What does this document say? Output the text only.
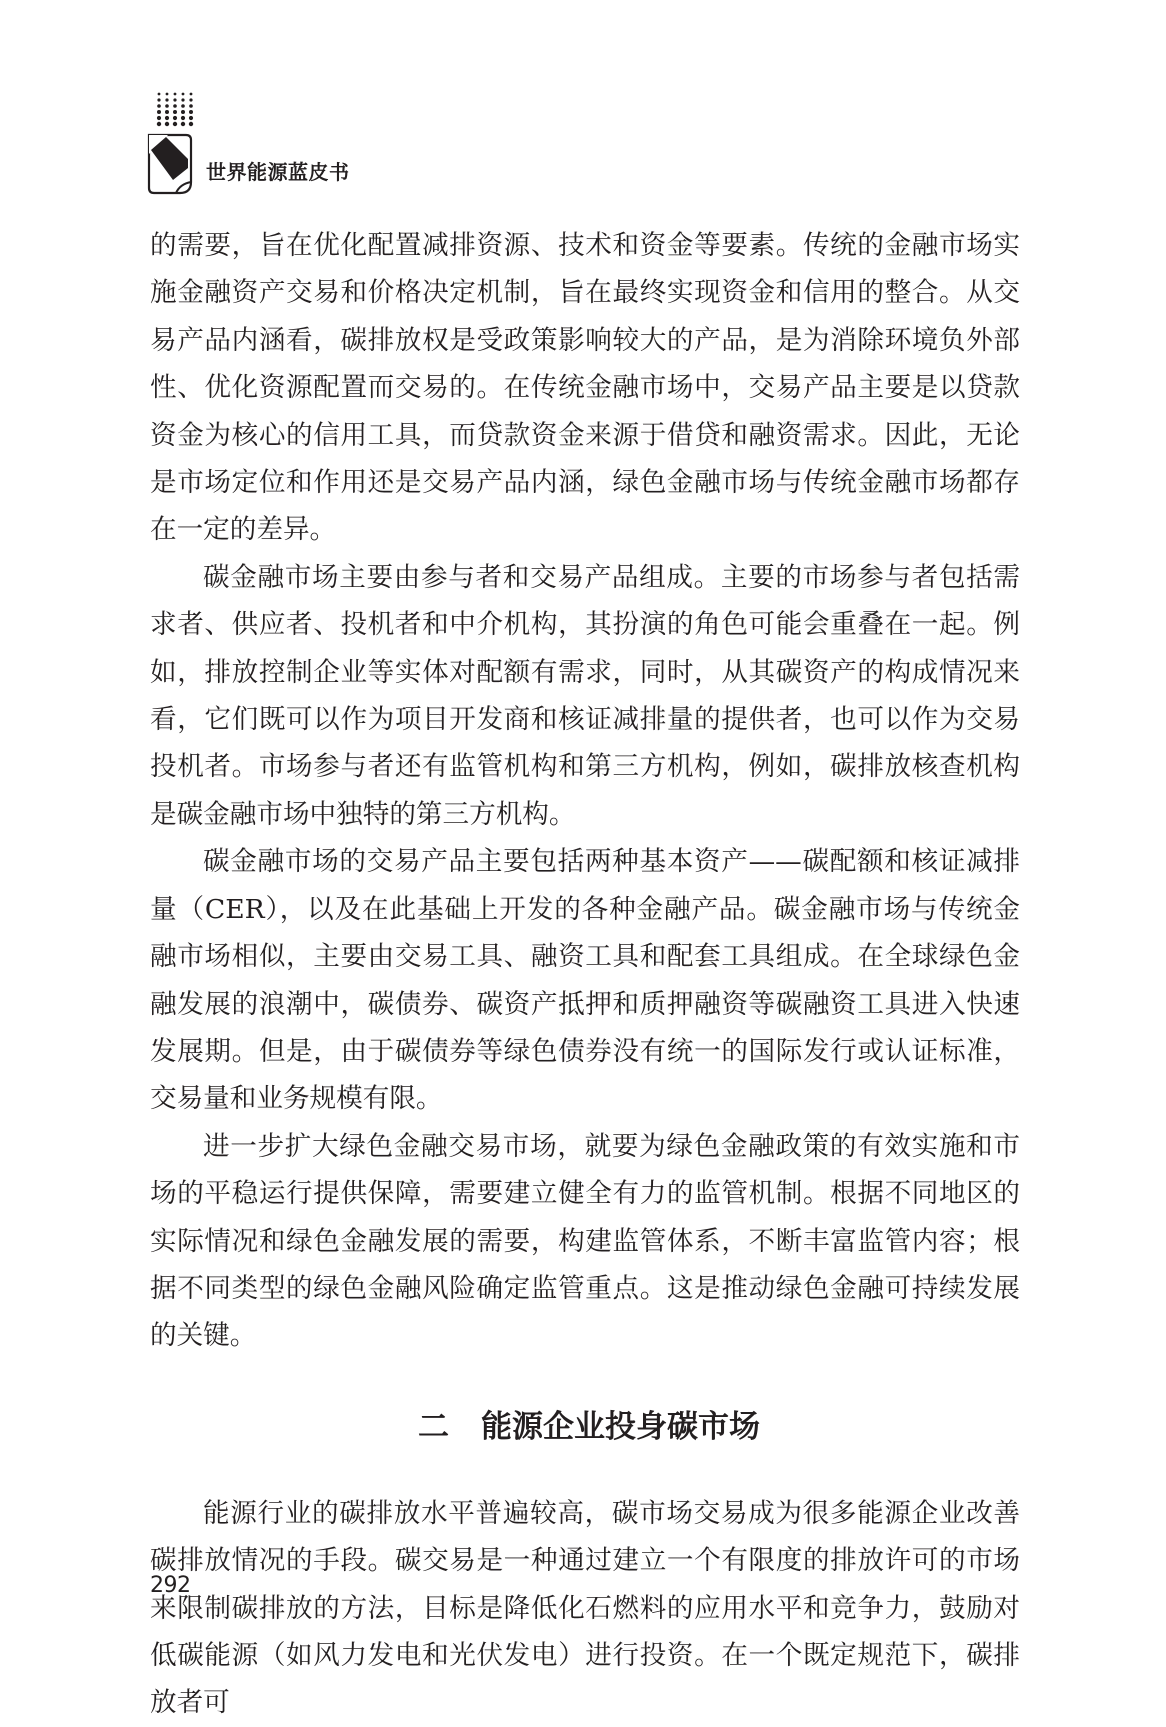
世界能源蓝皮书

的需要，旨在优化配置减排资源、技术和资金等要素。传统的金融市场实施金融资产交易和价格决定机制，旨在最终实现资金和信用的整合。从交易产品内涵看，碳排放权是受政策影响较大的产品，是为消除环境负外部性、优化资源配置而交易的。在传统金融市场中，交易产品主要是以贷款资金为核心的信用工具，而贷款资金来源于借贷和融资需求。因此，无论是市场定位和作用还是交易产品内涵，绿色金融市场与传统金融市场都存在一定的差异。

碳金融市场主要由参与者和交易产品组成。主要的市场参与者包括需求者、供应者、投机者和中介机构，其扮演的角色可能会重叠在一起。例如，排放控制企业等实体对配额有需求，同时，从其碳资产的构成情况来看，它们既可以作为项目开发商和核证减排量的提供者，也可以作为交易投机者。市场参与者还有监管机构和第三方机构，例如，碳排放核查机构是碳金融市场中独特的第三方机构。

碳金融市场的交易产品主要包括两种基本资产——碳配额和核证减排量（CER），以及在此基础上开发的各种金融产品。碳金融市场与传统金融市场相似，主要由交易工具、融资工具和配套工具组成。在全球绿色金融发展的浪潮中，碳债券、碳资产抵押和质押融资等碳融资工具进入快速发展期。但是，由于碳债券等绿色债券没有统一的国际发行或认证标准，交易量和业务规模有限。

进一步扩大绿色金融交易市场，就要为绿色金融政策的有效实施和市场的平稳运行提供保障，需要建立健全有力的监管机制。根据不同地区的实际情况和绿色金融发展的需要，构建监管体系，不断丰富监管内容；根据不同类型的绿色金融风险确定监管重点。这是推动绿色金融可持续发展的关键。

二 能源企业投身碳市场

能源行业的碳排放水平普遍较高，碳市场交易成为很多能源企业改善碳排放情况的手段。碳交易是一种通过建立一个有限度的排放许可的市场来限制碳排放的方法，目标是降低化石燃料的应用水平和竞争力，鼓励对低碳能源（如风力发电和光伏发电）进行投资。在一个既定规范下，碳排放者可

292
